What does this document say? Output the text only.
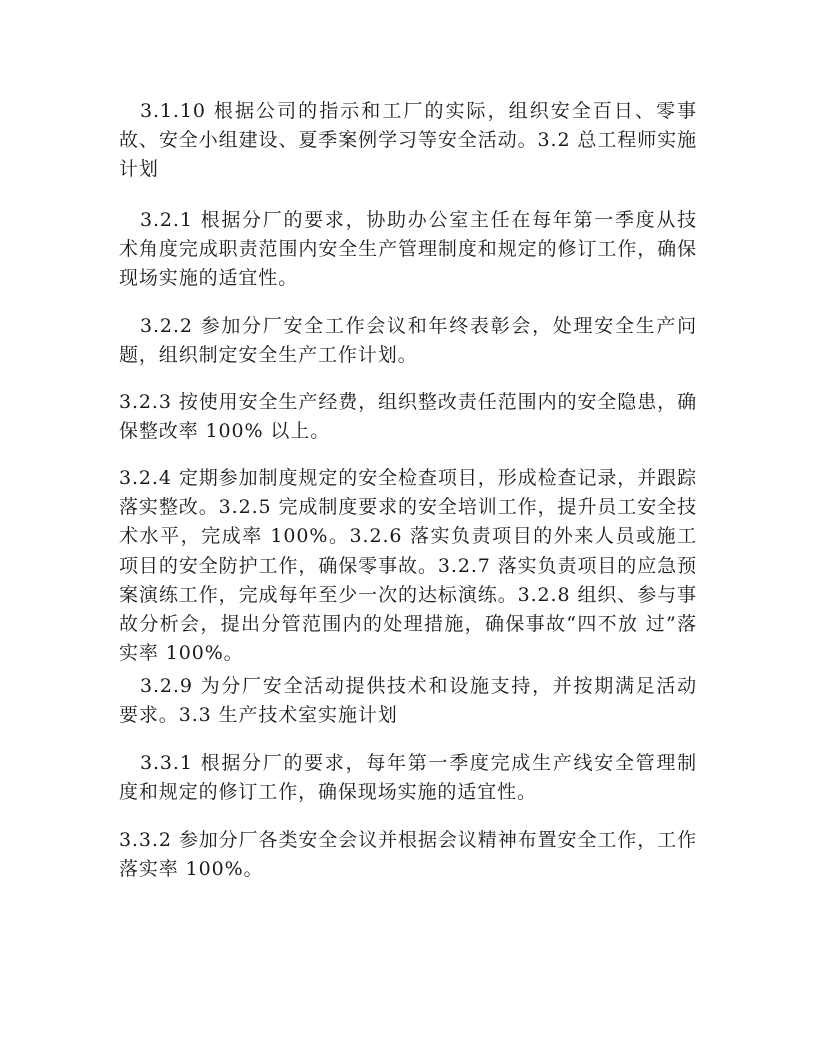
3.1.10 根据公司的指示和工厂的实际，组织安全百日、零事故、安全小组建设、夏季案例学习等安全活动。3.2 总工程师实施计划

3.2.1 根据分厂的要求，协助办公室主任在每年第一季度从技术角度完成职责范围内安全生产管理制度和规定的修订工作，确保现场实施的适宜性。

3.2.2 参加分厂安全工作会议和年终表彰会，处理安全生产问题，组织制定安全生产工作计划。

3.2.3 按使用安全生产经费，组织整改责任范围内的安全隐患，确保整改率 100% 以上。

3.2.4 定期参加制度规定的安全检查项目，形成检查记录，并跟踪落实整改。3.2.5 完成制度要求的安全培训工作，提升员工安全技术水平，完成率 100%。3.2.6 落实负责项目的外来人员或施工项目的安全防护工作，确保零事故。3.2.7 落实负责项目的应急预案演练工作，完成每年至少一次的达标演练。3.2.8 组织、参与事故分析会，提出分管范围内的处理措施，确保事故“四不放 过”落实率 100%。

3.2.9 为分厂安全活动提供技术和设施支持，并按期满足活动要求。3.3 生产技术室实施计划

3.3.1 根据分厂的要求，每年第一季度完成生产线安全管理制度和规定的修订工作，确保现场实施的适宜性。

3.3.2 参加分厂各类安全会议并根据会议精神布置安全工作，工作落实率 100%。
